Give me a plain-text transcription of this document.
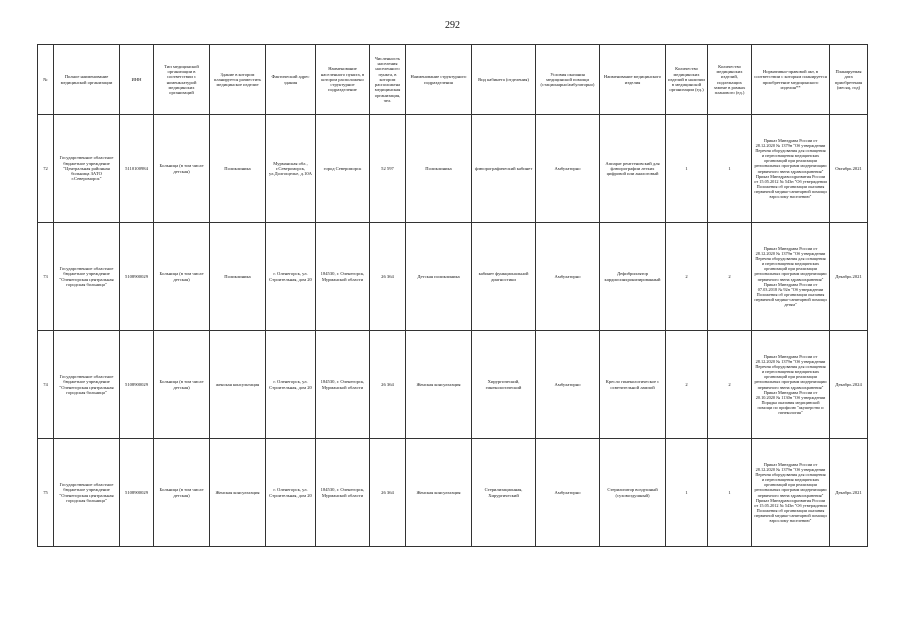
292
№	Полное наименование медицинской организации	ИНН	Тип медицинской организации в соответствии с номенклатурой медицинских организаций	Здание в котором планируется разместить медицинское изделие	Фактический адрес здания	Наименование населенного пункта, в котором расположено структурное подразделение	Численность населения населенного пункта, в котором расположена медицинская организация, чел.	Наименование структурного подразделения	Вид кабинета (отделения)	Условия оказания медицинской помощи (стационарно/амбулаторно)	Наименование медицинского изделия	Количество медицинских изделий в наличии в медицинской организации (ед.)	Количество медицинских изделий, подлежащих замене в рамках планового (ед.)	Нормативно-правовой акт, в соответствии с которым планируется приобретение медицинского изделия**	Планируемая дата приобретения (месяц, год)
72	Государственное областное бюджетное учреждение "Центральная районная больница ЗАТО г.Североморск"	5110100984	Больница (в том числе детская)	Поликлиника	Мурманская обл., г.Североморск, ул.Долгощелье, д.10А	город Североморск	52 597	Поликлиника	флюорографический кабинет	Амбулаторно	Аппарат рентгеновский для флюорографии легких цифровой или аналоговый	1	1	Приказ Минздрава России от 28.12.2020 № 1379н "Об утверждении Перечня оборудования для оснащения и переоснащения медицинских организаций при реализации региональных программ модернизации первичного звена здравоохранения" Приказ Минздравсоцразвития России от 15.05.2012 № 543н "Об утверждении Положения об организации оказания первичной медико-санитарной помощи взрослому населению"	Октябрь 2021
73	Государственное областное бюджетное учреждение "Оленегорская центральная городская больница"	5108900029	Больница (в том числе детская)	Поликлиника	г. Оленегорск, ул. Строительная, дом 20	184530, г. Оленегорск, Мурманской области	26 364	Детская поликлиника	кабинет функциональной диагностики	Амбулаторно	Дефибриллятор кардиосинхронизированный	2	2	Приказ Минздрава России от 28.12.2020 № 1379н "Об утверждении Перечня оборудования для оснащения и переоснащения медицинских организаций при реализации региональных программ модернизации первичного звена здравоохранения" Приказ Минздрава России от 07.03.2018 № 92н "Об утверждении Положения об организации оказания первичной медико-санитарной помощи детям"	Декабрь 2021
74	Государственное областное бюджетное учреждение "Оленегорская центральная городская больница"	5108900029	Больница (в том числе детская)	женская консультация	г. Оленегорск, ул. Строительная, дом 20	184530, г. Оленегорск, Мурманской области	26 364	Женская консультация	Хирургический, гинекологический	Амбулаторно	Кресло гинекологическое с осветительной лампой	2	2	Приказ Минздрава России от 28.12.2020 № 1379н "Об утверждении Перечня оборудования для оснащения и переоснащения медицинских организаций при реализации региональных программ модернизации первичного звена здравоохранения" Приказ Минздрава России от 20.10.2020 № 1130н "Об утверждении Порядка оказания медицинской помощи по профилю "акушерство и гинекология"	Декабрь 2024
75	Государственное областное бюджетное учреждение "Оленегорская центральная городская больница"	5108900029	Больница (в том числе детская)	Женская консультация	г. Оленегорск, ул. Строительная, дом 20	184530, г. Оленегорск, Мурманской области	26 364	Женская консультация	Стерилизационная, Хирургический	Амбулаторно	Стерилизатор воздушный (суховоздушный)	1	1	Приказ Минздрава России от 28.12.2020 № 1379н "Об утверждении Перечня оборудования для оснащения и переоснащения медицинских организаций при реализации региональных программ модернизации первичного звена здравоохранения" Приказ Минздравсоцразвития России от 15.05.2012 № 543н "Об утверждении Положения об организации оказания первичной медико-санитарной помощи взрослому населению"	Декабрь 2021
